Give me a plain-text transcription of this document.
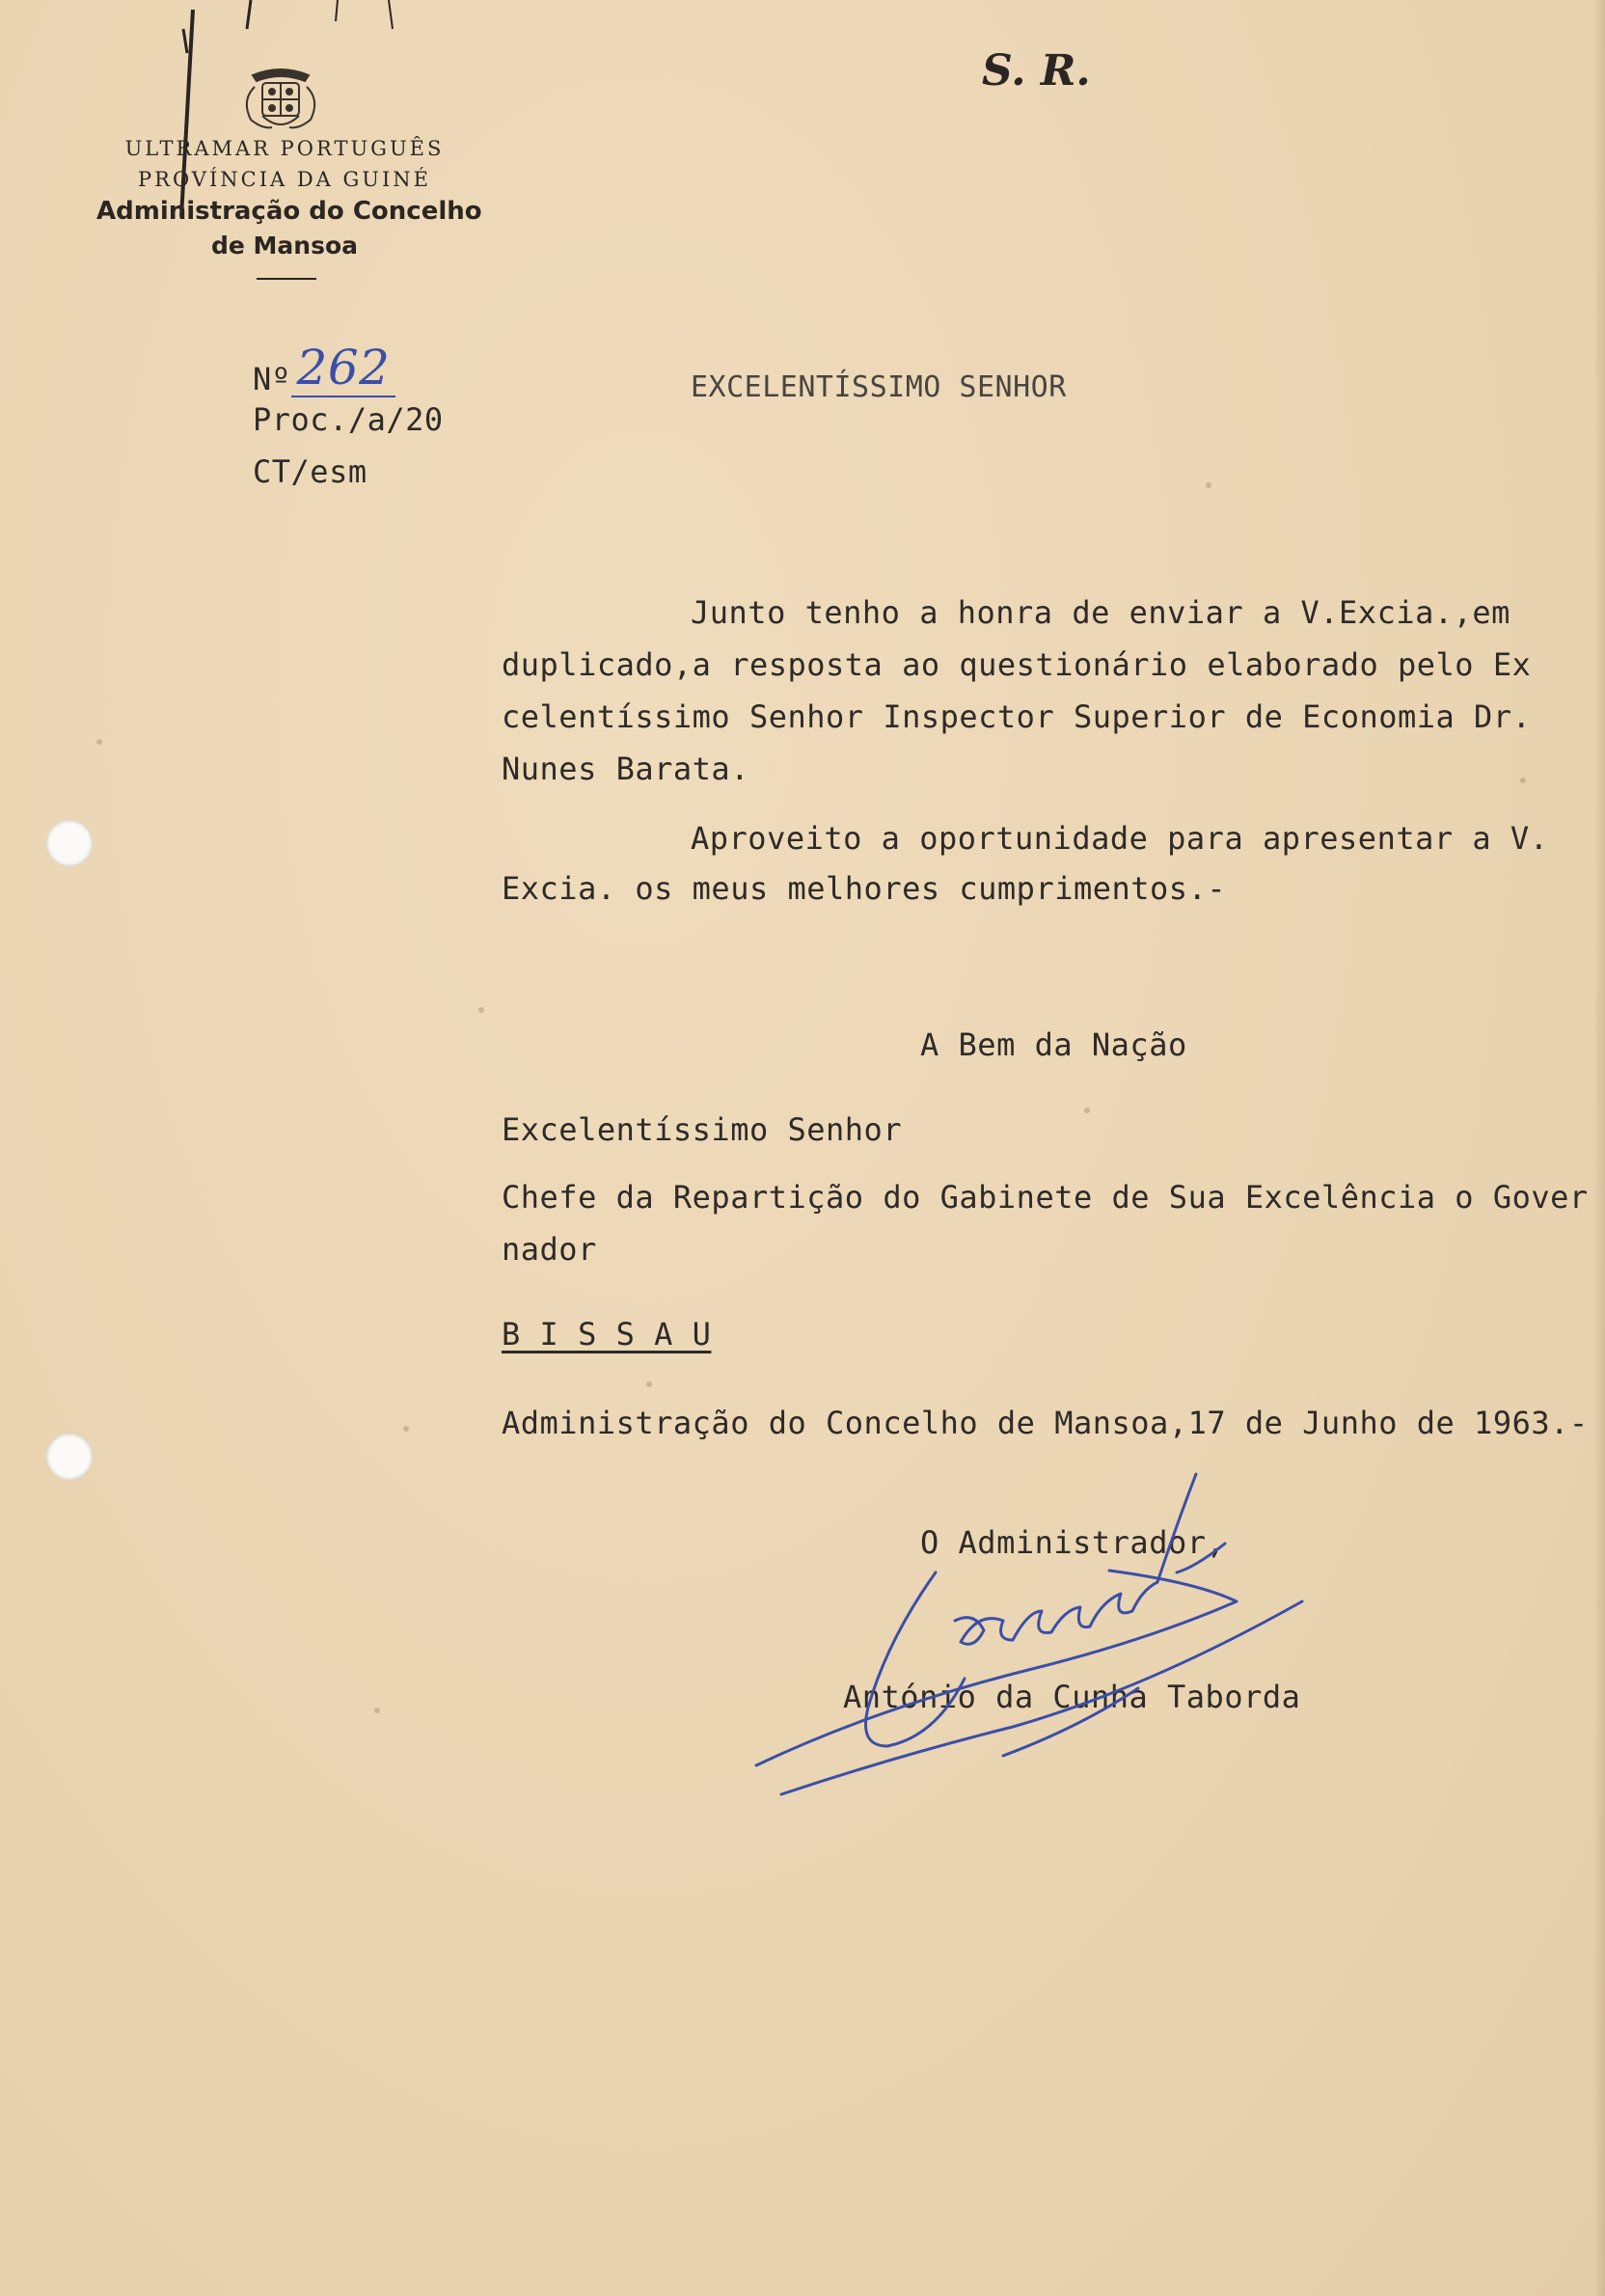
S. R.
ULTRAMAR PORTUGUÊS
PROVÍNCIA DA GUINÉ
Administração do Concelho
de Mansoa
Nº 262
Proc./a/20
CT/esm
EXCELENTÍSSIMO SENHOR
Junto tenho a honra de enviar a V.Excia.,em
duplicado,a resposta ao questionário elaborado pelo Ex
celentíssimo Senhor Inspector Superior de Economia Dr.
Nunes Barata.
Aproveito a oportunidade para apresentar a V.
Excia. os meus melhores cumprimentos.-
A Bem da Nação
Excelentíssimo Senhor
Chefe da Repartição do Gabinete de Sua Excelência o Gover
nador
B I S S A U
Administração do Concelho de Mansoa,17 de Junho de 1963.-
O Administrador,
António da Cunha Taborda
